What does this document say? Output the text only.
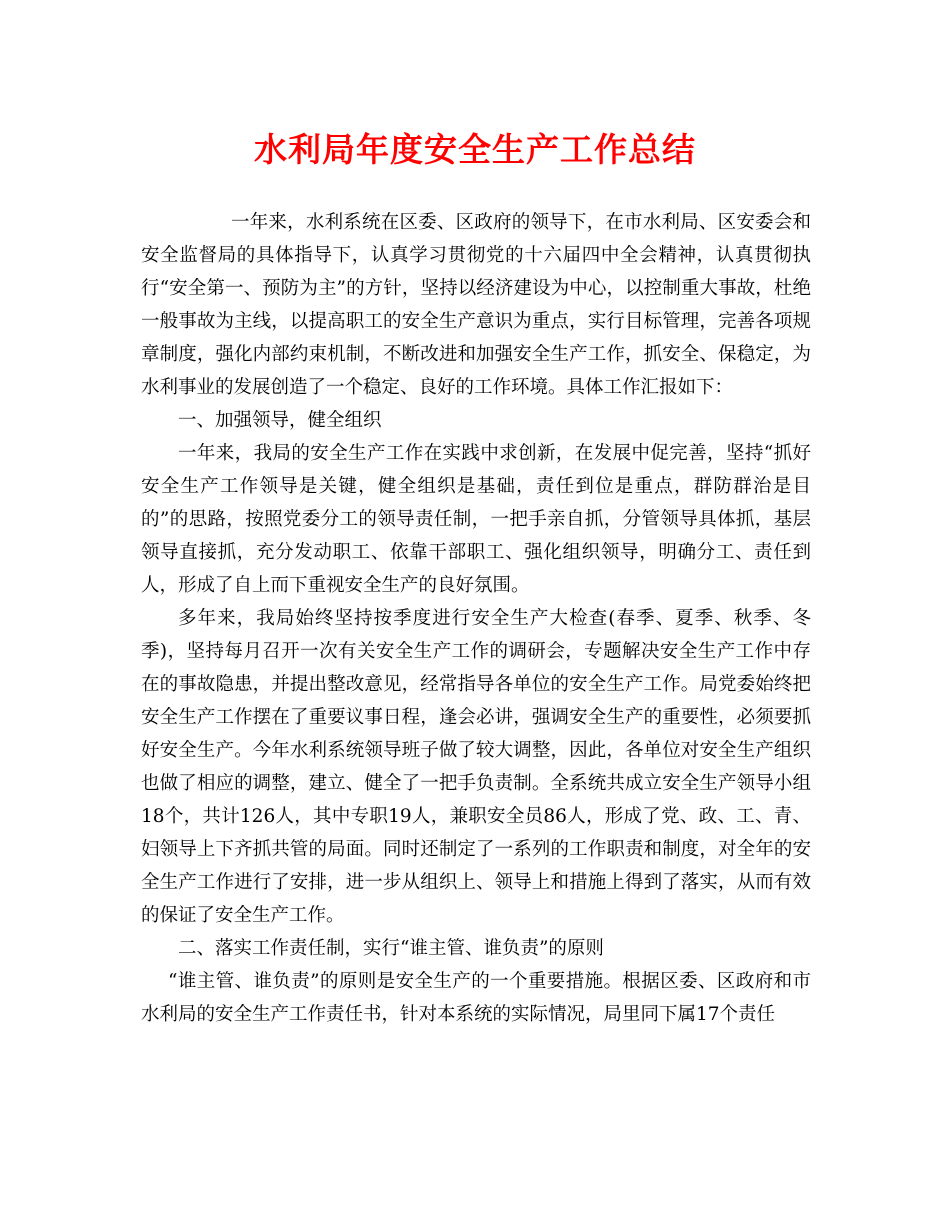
水利局年度安全生产工作总结

一年来，水利系统在区委、区政府的领导下，在市水利局、区安委会和安全监督局的具体指导下，认真学习贯彻党的十六届四中全会精神，认真贯彻执行“安全第一、预防为主”的方针，坚持以经济建设为中心，以控制重大事故，杜绝一般事故为主线，以提高职工的安全生产意识为重点，实行目标管理，完善各项规章制度，强化内部约束机制，不断改进和加强安全生产工作，抓安全、保稳定，为水利事业的发展创造了一个稳定、良好的工作环境。具体工作汇报如下：

一、加强领导，健全组织

一年来，我局的安全生产工作在实践中求创新，在发展中促完善，坚持“抓好安全生产工作领导是关键，健全组织是基础，责任到位是重点，群防群治是目的”的思路，按照党委分工的领导责任制，一把手亲自抓，分管领导具体抓，基层领导直接抓，充分发动职工、依靠干部职工、强化组织领导，明确分工、责任到人，形成了自上而下重视安全生产的良好氛围。

多年来，我局始终坚持按季度进行安全生产大检查(春季、夏季、秋季、冬季)，坚持每月召开一次有关安全生产工作的调研会，专题解决安全生产工作中存在的事故隐患，并提出整改意见，经常指导各单位的安全生产工作。局党委始终把安全生产工作摆在了重要议事日程，逢会必讲，强调安全生产的重要性，必须要抓好安全生产。今年水利系统领导班子做了较大调整，因此，各单位对安全生产组织也做了相应的调整，建立、健全了一把手负责制。全系统共成立安全生产领导小组18个，共计126人，其中专职19人，兼职安全员86人，形成了党、政、工、青、妇领导上下齐抓共管的局面。同时还制定了一系列的工作职责和制度，对全年的安全生产工作进行了安排，进一步从组织上、领导上和措施上得到了落实，从而有效的保证了安全生产工作。

二、落实工作责任制，实行“谁主管、谁负责”的原则

“谁主管、谁负责”的原则是安全生产的一个重要措施。根据区委、区政府和市水利局的安全生产工作责任书，针对本系统的实际情况，局里同下属17个责任
